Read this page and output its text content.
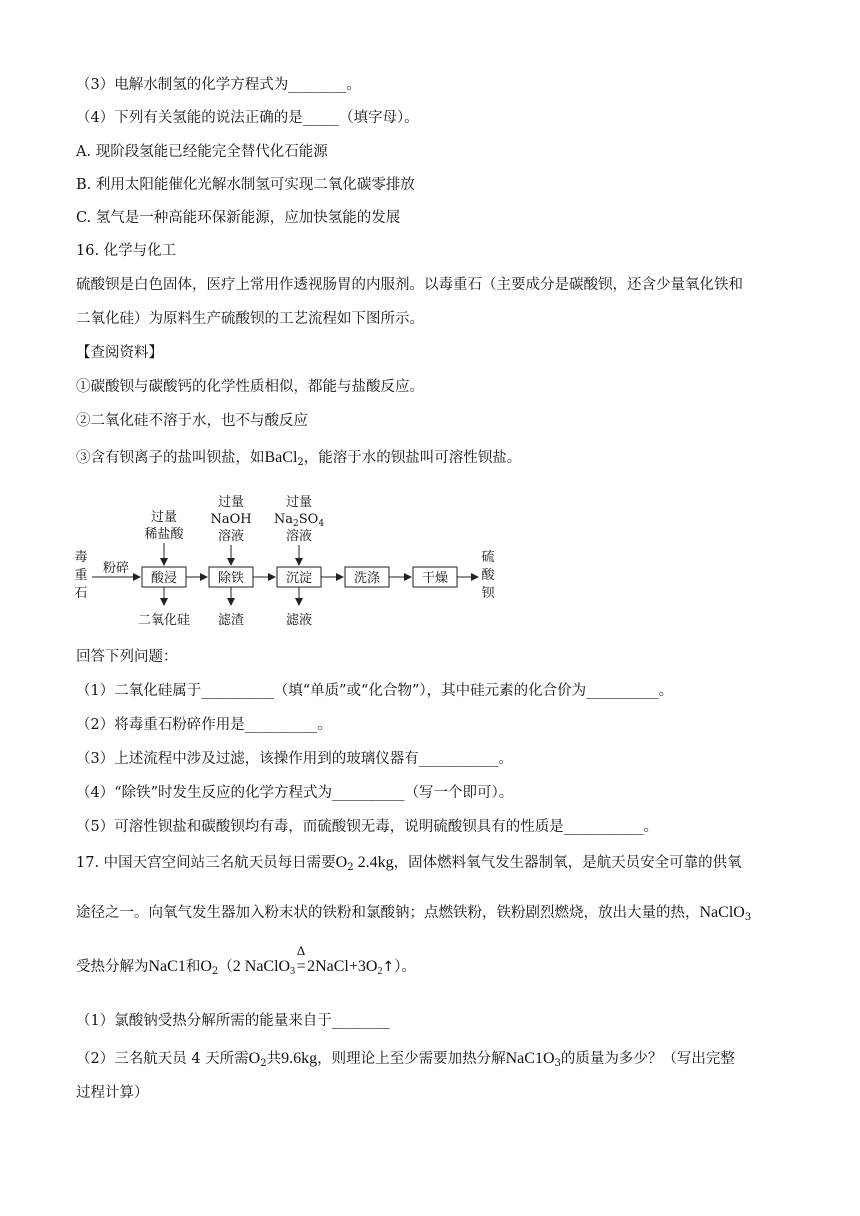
（3）电解水制氢的化学方程式为________。
（4）下列有关氢能的说法正确的是_____（填字母）。
A. 现阶段氢能已经能完全替代化石能源
B. 利用太阳能催化光解水制氢可实现二氧化碳零排放
C. 氢气是一种高能环保新能源，应加快氢能的发展
16. 化学与化工
硫酸钡是白色固体，医疗上常用作透视肠胃的内服剂。以毒重石（主要成分是碳酸钡，还含少量氧化铁和
二氧化硅）为原料生产硫酸钡的工艺流程如下图所示。
【查阅资料】
①碳酸钡与碳酸钙的化学性质相似，都能与盐酸反应。
②二氧化硅不溶于水，也不与酸反应
③含有钡离子的盐叫钡盐，如BaCl$_2$，能溶于水的钡盐叫可溶性钡盐。
毒
重
石
粉碎
酸浸	除铁	沉淀	洗涤	干燥
硫
酸
钡
过量
稀盐酸
过量
NaOH
溶液
过量
$Na_2SO_4$
溶液
二氧化硅 滤渣	滤液
回答下列问题：
（1）二氧化硅属于__________（填“单质”或“化合物”），其中硅元素的化合价为__________。
（2）将毒重石粉碎作用是__________。
（3）上述流程中涉及过滤，该操作用到的玻璃仪器有___________。
（4）“除铁”时发生反应的化学方程式为__________（写一个即可）。
（5）可溶性钡盐和碳酸钡均有毒，而硫酸钡无毒，说明硫酸钡具有的性质是___________。
17. 中国天宫空间站三名航天员每日需要$O_2$ 2.4kg，固体燃料氧气发生器制氧，是航天员安全可靠的供氧
途径之一。向氧气发生器加入粉末状的铁粉和氯酸钠；点燃铁粉，铁粉剧烈燃烧，放出大量的热，NaClO$_3$
受热分解为NaC1和$O_2(2$ NaClO$_3$
Δ
$=2NaCl+3O_2↑$）。
（1）氯酸钠受热分解所需的能量来自于________
（2）三名航天员 4 天所需$O_2$共9.6kg，则理论上至少需要加热分解$NaC1O_3$的质量为多少？（写出完整
过程计算）
